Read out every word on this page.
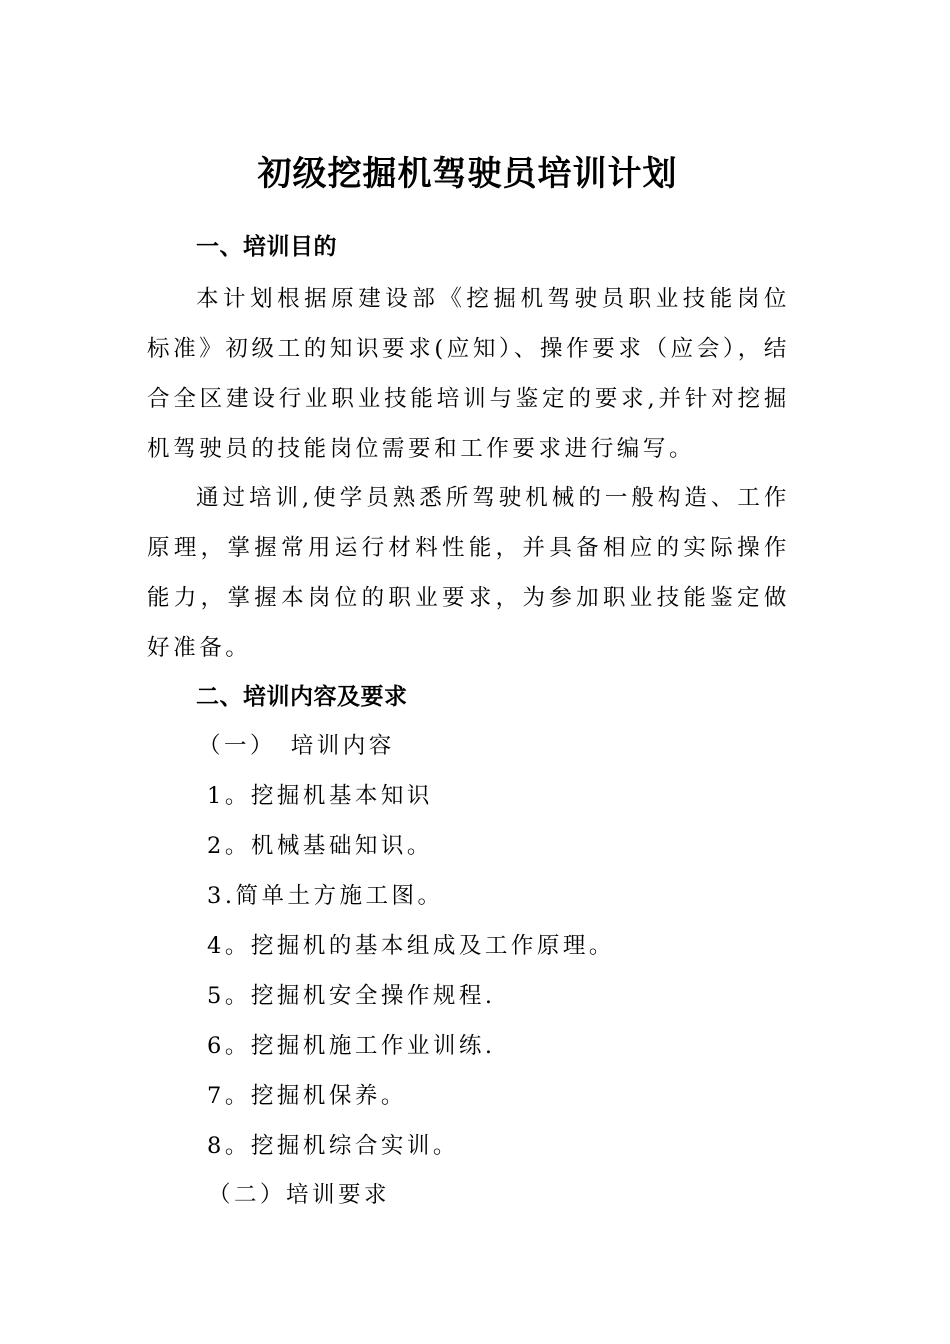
初级挖掘机驾驶员培训计划
一、培训目的

本计划根据原建设部《挖掘机驾驶员职业技能岗位标准》初级工的知识要求(应知）、操作要求（应会），结合全区建设行业职业技能培训与鉴定的要求,并针对挖掘机驾驶员的技能岗位需要和工作要求进行编写。

通过培训,使学员熟悉所驾驶机械的一般构造、工作原理，掌握常用运行材料性能，并具备相应的实际操作能力，掌握本岗位的职业要求，为参加职业技能鉴定做好准备。

二、培训内容及要求
（一）　培训内容
1。挖掘机基本知识
2。机械基础知识。
3.简单土方施工图。
4。挖掘机的基本组成及工作原理。
5。挖掘机安全操作规程.
6。挖掘机施工作业训练.
7。挖掘机保养。
8。挖掘机综合实训。
（二）培训要求
